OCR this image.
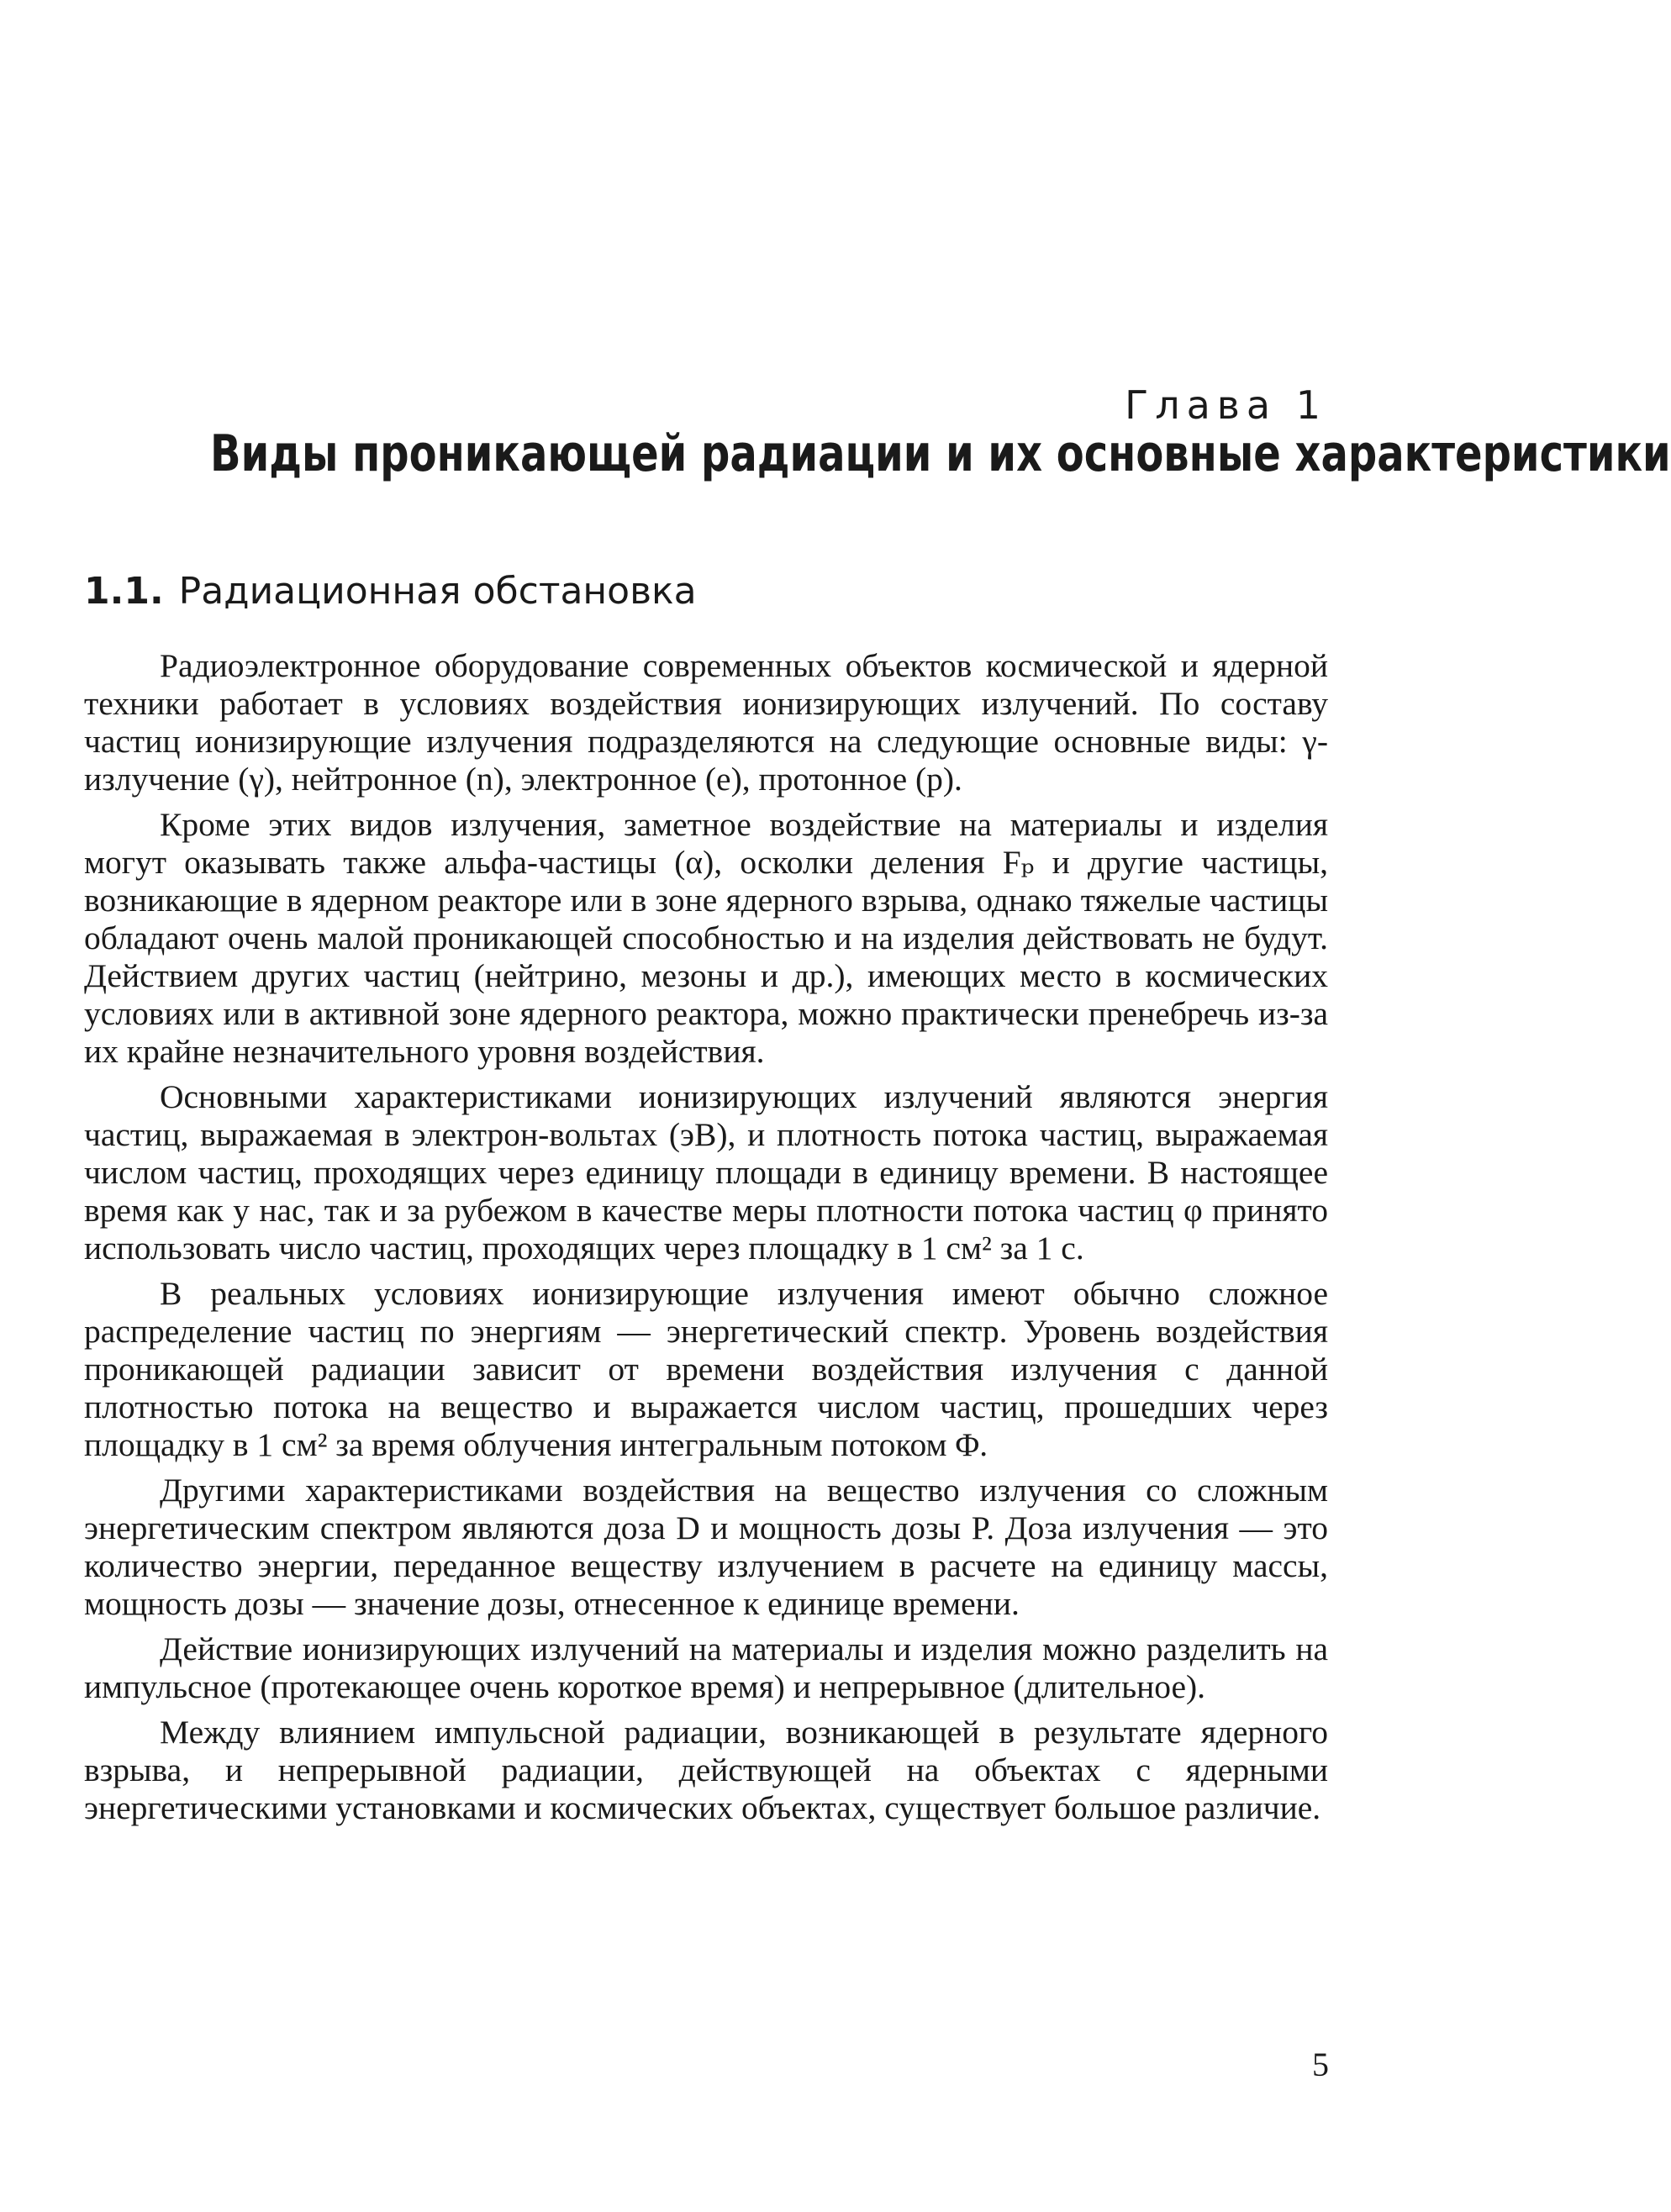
Глава 1
Виды проникающей радиации и их основные характеристики
1.1. Радиационная обстановка

Радиоэлектронное оборудование современных объектов космической и ядерной техники работает в условиях воздействия ионизирующих излучений. По составу частиц ионизирующие излучения подразделяются на следующие основные виды: γ-излучение (γ), нейтронное (n), электронное (e), протонное (p).

Кроме этих видов излучения, заметное воздействие на материалы и изделия могут оказывать также альфа-частицы (α), осколки деления Fₚ и другие частицы, возникающие в ядерном реакторе или в зоне ядерного взрыва, однако тяжелые частицы обладают очень малой проникающей способностью и на изделия действовать не будут. Действием других частиц (нейтрино, мезоны и др.), имеющих место в космических условиях или в активной зоне ядерного реактора, можно практически пренебречь из-за их крайне незначительного уровня воздействия.

Основными характеристиками ионизирующих излучений являются энергия частиц, выражаемая в электрон-вольтах (эВ), и плотность потока частиц, выражаемая числом частиц, проходящих через единицу площади в единицу времени. В настоящее время как у нас, так и за рубежом в качестве меры плотности потока частиц φ принято использовать число частиц, проходящих через площадку в 1 см² за 1 с.

В реальных условиях ионизирующие излучения имеют обычно сложное распределение частиц по энергиям — энергетический спектр. Уровень воздействия проникающей радиации зависит от времени воздействия излучения с данной плотностью потока на вещество и выражается числом частиц, прошедших через площадку в 1 см² за время облучения интегральным потоком Φ.

Другими характеристиками воздействия на вещество излучения со сложным энергетическим спектром являются доза D и мощность дозы P. Доза излучения — это количество энергии, переданное веществу излучением в расчете на единицу массы, мощность дозы — значение дозы, отнесенное к единице времени.

Действие ионизирующих излучений на материалы и изделия можно разделить на импульсное (протекающее очень короткое время) и непрерывное (длительное).

Между влиянием импульсной радиации, возникающей в результате ядерного взрыва, и непрерывной радиации, действующей на объектах с ядерными энергетическими установками и космических объектах, существует большое различие.

5
